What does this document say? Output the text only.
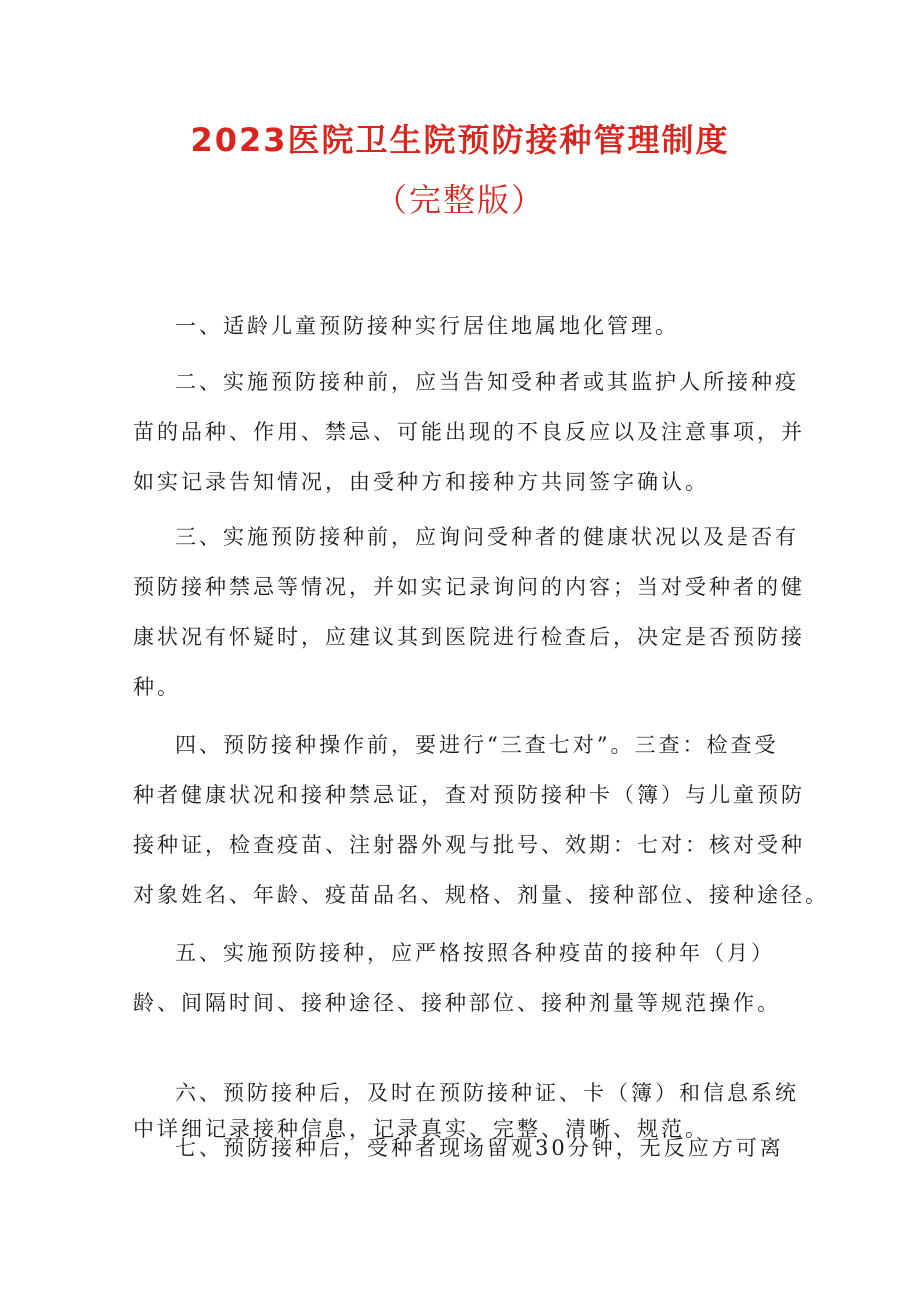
2023医院卫生院预防接种管理制度
（完整版）

一、适龄儿童预防接种实行居住地属地化管理。

二、实施预防接种前，应当告知受种者或其监护人所接种疫
苗的品种、作用、禁忌、可能出现的不良反应以及注意事项，并
如实记录告知情况，由受种方和接种方共同签字确认。

三、实施预防接种前，应询问受种者的健康状况以及是否有
预防接种禁忌等情况，并如实记录询问的内容；当对受种者的健
康状况有怀疑时，应建议其到医院进行检查后，决定是否预防接
种。

四、预防接种操作前，要进行“三查七对”。三查：检查受
种者健康状况和接种禁忌证，查对预防接种卡（簿）与儿童预防
接种证，检查疫苗、注射器外观与批号、效期：七对：核对受种
对象姓名、年龄、疫苗品名、规格、剂量、接种部位、接种途径。

五、实施预防接种，应严格按照各种疫苗的接种年（月）
龄、间隔时间、接种途径、接种部位、接种剂量等规范操作。

六、预防接种后，及时在预防接种证、卡（簿）和信息系统
中详细记录接种信息，记录真实、完整、清晰、规范。

七、预防接种后，受种者现场留观30分钟，无反应方可离
